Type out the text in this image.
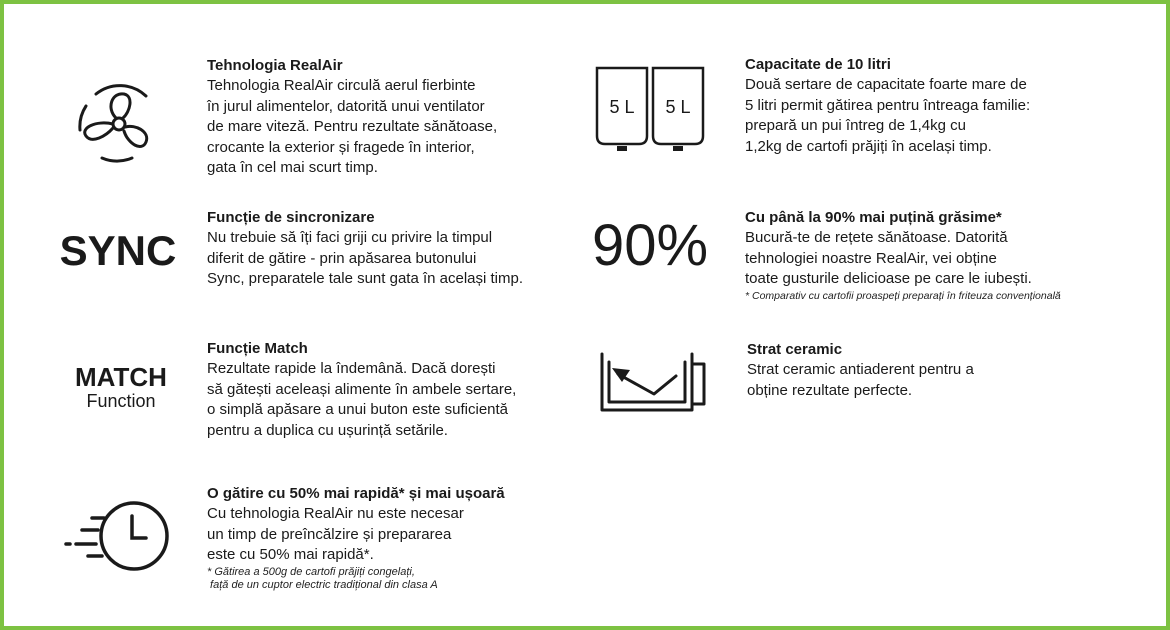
Tehnologia RealAir
Tehnologia RealAir circulă aerul fierbinte
în jurul alimentelor, datorită unui ventilator
de mare viteză. Pentru rezultate sănătoase,
crocante la exterior și fragede în interior,
gata în cel mai scurt timp.
SYNC
Funcție de sincronizare
Nu trebuie să îți faci griji cu privire la timpul
diferit de gătire - prin apăsarea butonului
Sync, preparatele tale sunt gata în același timp.
MATCH
Function
Funcție Match
Rezultate rapide la îndemână. Dacă dorești
să gătești aceleași alimente în ambele sertare,
o simplă apăsare a unui buton este suficientă
pentru a duplica cu ușurință setările.
O gătire cu 50% mai rapidă* și mai ușoară
Cu tehnologia RealAir nu este necesar
un timp de preîncălzire și prepararea
este cu 50% mai rapidă*.
* Gătirea a 500g de cartofi prăjiți congelați,
față de un cuptor electric tradițional din clasa A
5 L	5 L
Capacitate de 10 litri
Două sertare de capacitate foarte mare de
5 litri permit gătirea pentru întreaga familie:
prepară un pui întreg de 1,4kg cu
1,2kg de cartofi prăjiți în același timp.
90%	Cu până la 90% mai puțină grăsime*
Bucură-te de rețete sănătoase. Datorită
tehnologiei noastre RealAir, vei obține
toate gusturile delicioase pe care le iubești.
* Comparativ cu cartofii proaspeți preparați în friteuza convențională
Strat ceramic
Strat ceramic antiaderent pentru a
obține rezultate perfecte.
